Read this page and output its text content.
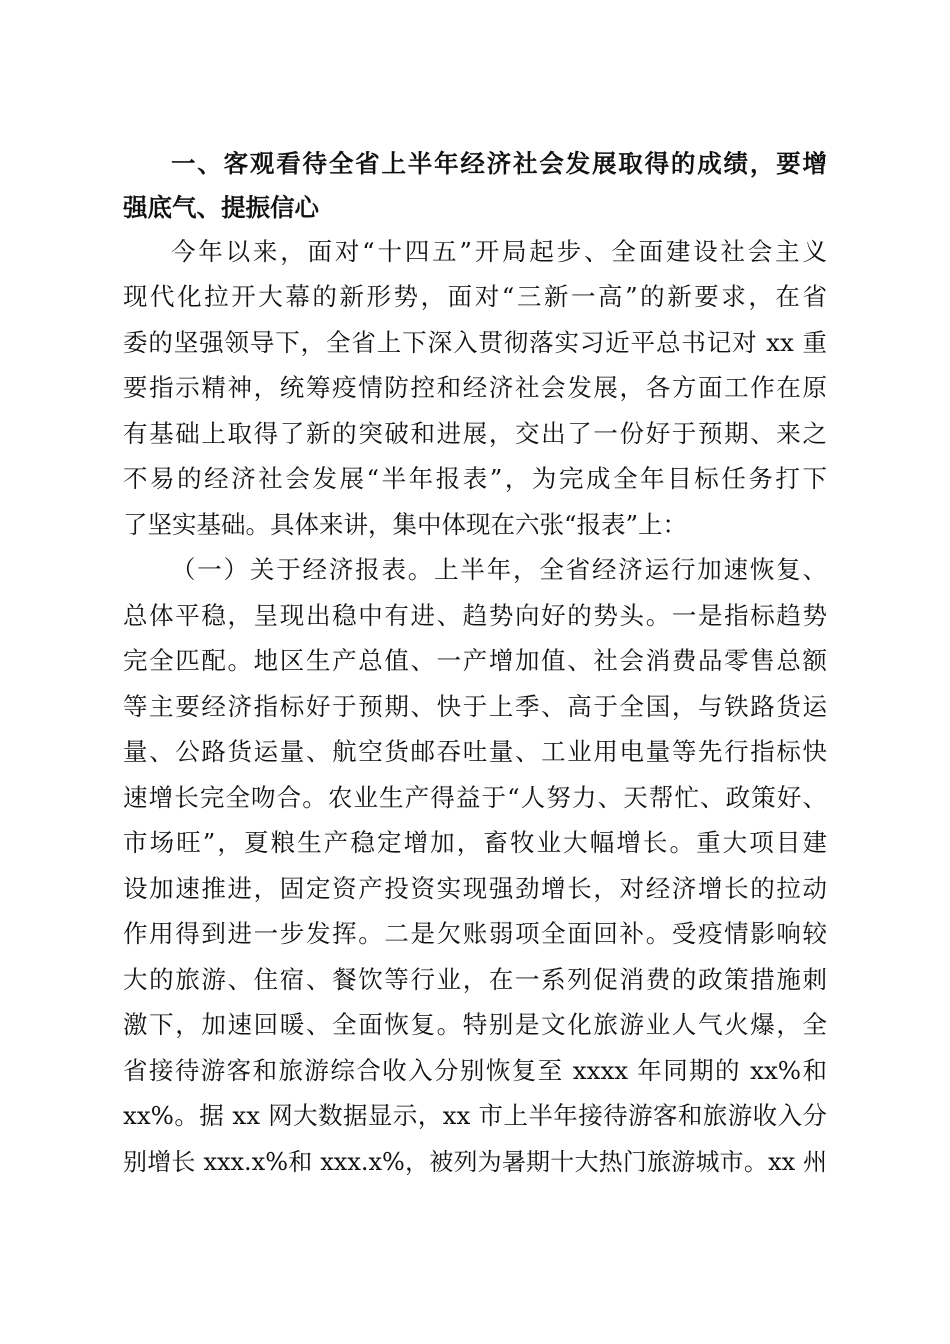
一、客观看待全省上半年经济社会发展取得的成绩，要增
强底气、提振信心
今年以来，面对“十四五”开局起步、全面建设社会主义
现代化拉开大幕的新形势，面对“三新一高”的新要求，在省
委的坚强领导下，全省上下深入贯彻落实习近平总书记对 xx 重
要指示精神，统筹疫情防控和经济社会发展，各方面工作在原
有基础上取得了新的突破和进展，交出了一份好于预期、来之
不易的经济社会发展“半年报表”，为完成全年目标任务打下
了坚实基础。具体来讲，集中体现在六张“报表”上：
（一）关于经济报表。上半年，全省经济运行加速恢复、
总体平稳，呈现出稳中有进、趋势向好的势头。一是指标趋势
完全匹配。地区生产总值、一产增加值、社会消费品零售总额
等主要经济指标好于预期、快于上季、高于全国，与铁路货运
量、公路货运量、航空货邮吞吐量、工业用电量等先行指标快
速增长完全吻合。农业生产得益于“人努力、天帮忙、政策好、
市场旺”，夏粮生产稳定增加，畜牧业大幅增长。重大项目建
设加速推进，固定资产投资实现强劲增长，对经济增长的拉动
作用得到进一步发挥。二是欠账弱项全面回补。受疫情影响较
大的旅游、住宿、餐饮等行业，在一系列促消费的政策措施刺
激下，加速回暖、全面恢复。特别是文化旅游业人气火爆，全
省接待游客和旅游综合收入分别恢复至 xxxx 年同期的 xx%和
xx%。据 xx 网大数据显示，xx 市上半年接待游客和旅游收入分
别增长 xxx.x%和 xxx.x%，被列为暑期十大热门旅游城市。xx 州
